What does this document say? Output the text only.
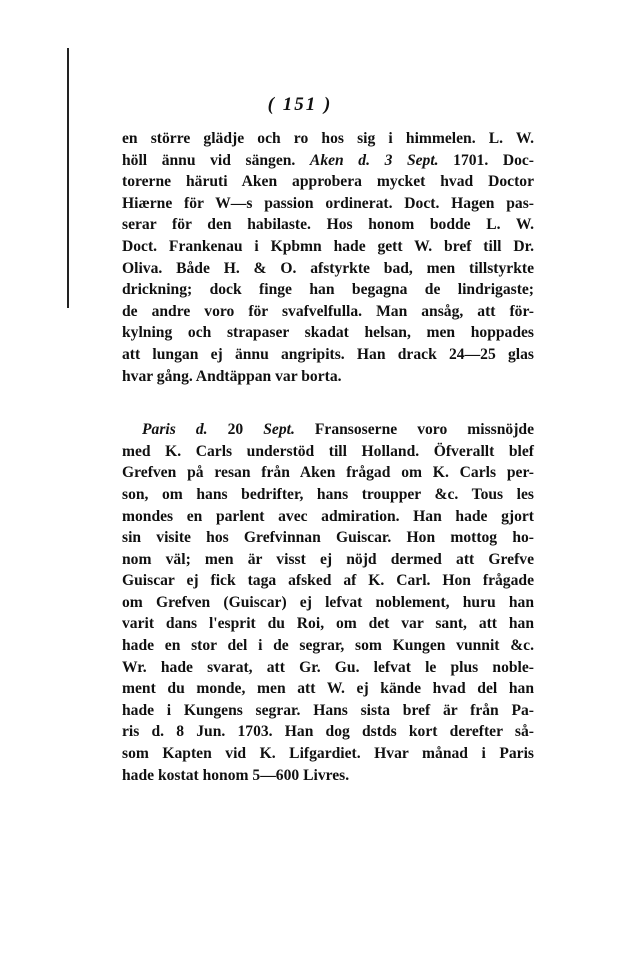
( 151 )
en större glädje och ro hos sig i himmelen. L. W.
höll ännu vid sängen. Aken d. 3 Sept. 1701. Doc-
torerne häruti Aken approbera mycket hvad Doctor
Hiærne för W—s passion ordinerat. Doct. Hagen pas-
serar för den habilaste. Hos honom bodde L. W.
Doct. Frankenau i Kpbmn hade gett W. bref till Dr.
Oliva. Både H. & O. afstyrkte bad, men tillstyrkte
drickning; dock finge han begagna de lindrigaste;
de andre voro för svafvelfulla. Man ansåg, att för-
kylning och strapaser skadat helsan, men hoppades
att lungan ej ännu angripits. Han drack 24—25 glas
hvar gång. Andtäppan var borta.
Paris d. 20 Sept. Fransoserne voro missnöjde
med K. Carls understöd till Holland. Öfverallt blef
Grefven på resan från Aken frågad om K. Carls per-
son, om hans bedrifter, hans troupper &c. Tous les
mondes en parlent avec admiration. Han hade gjort
sin visite hos Grefvinnan Guiscar. Hon mottog ho-
nom väl; men är visst ej nöjd dermed att Grefve
Guiscar ej fick taga afsked af K. Carl. Hon frågade
om Grefven (Guiscar) ej lefvat noblement, huru han
varit dans l'esprit du Roi, om det var sant, att han
hade en stor del i de segrar, som Kungen vunnit &c.
Wr. hade svarat, att Gr. Gu. lefvat le plus noble-
ment du monde, men att W. ej kände hvad del han
hade i Kungens segrar. Hans sista bref är från Pa-
ris d. 8 Jun. 1703. Han dog dstds kort derefter så-
som Kapten vid K. Lifgardiet. Hvar månad i Paris
hade kostat honom 5—600 Livres.
